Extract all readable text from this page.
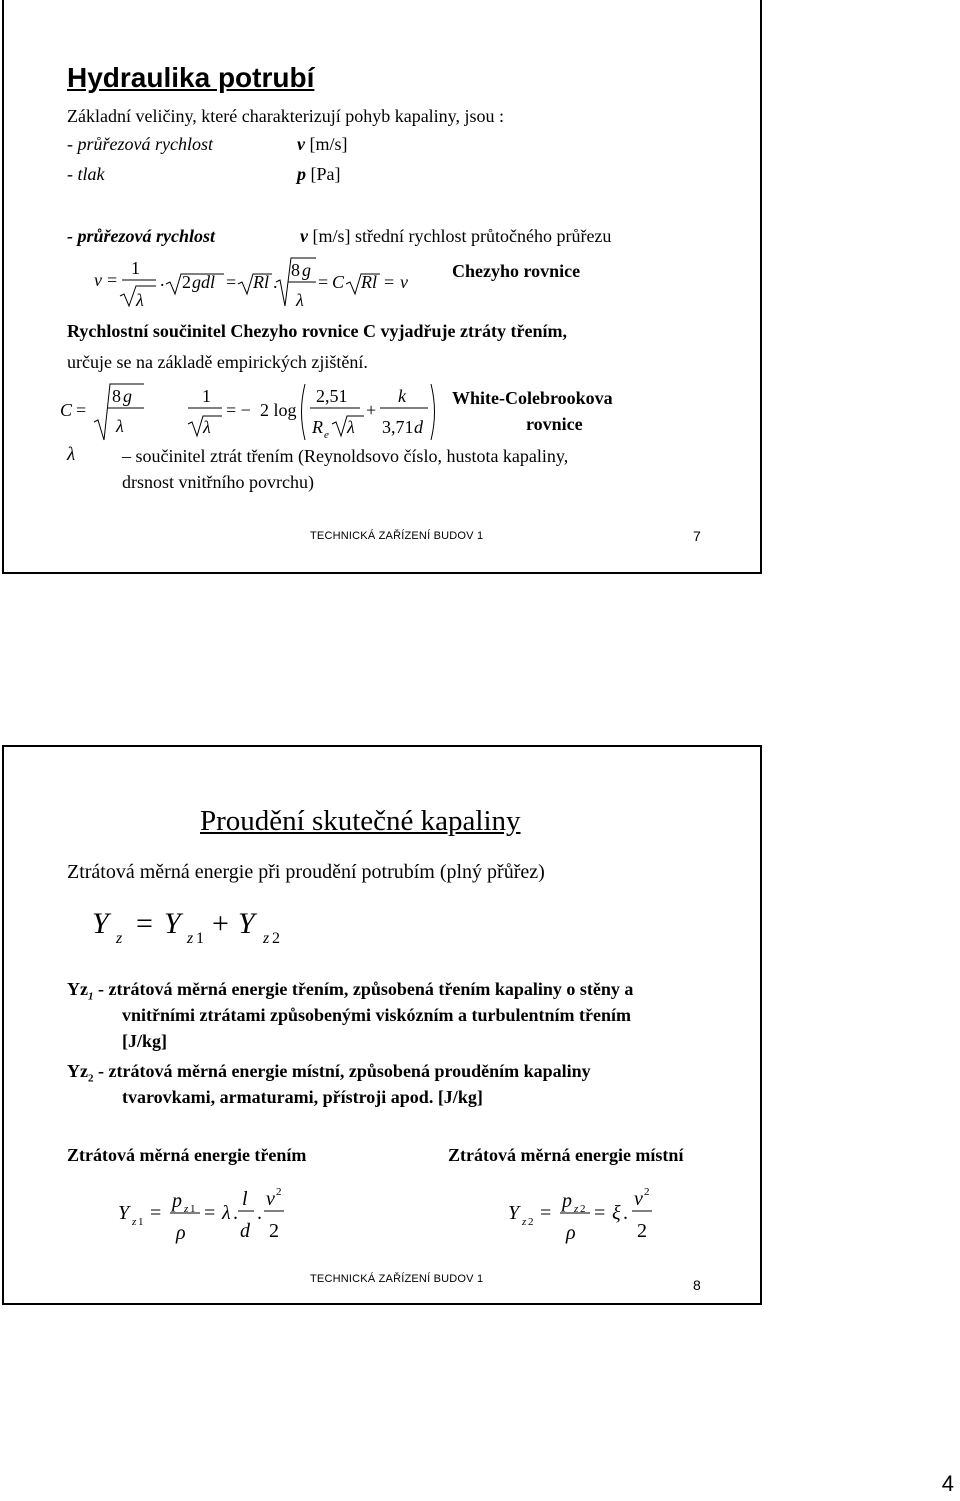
Hydraulika potrubí
Základní veličiny, které charakterizují pohyb kapaliny, jsou :
- průřezová rychlost	v [m/s]
- tlak	p [Pa]
- průřezová rychlost	v [m/s] střední rychlost průtočného průřezu
v =
1
λ
. 2 gdl = Rl .
8 g
λ
= C Rl = v
Chezyho rovnice
Rychlostní součinitel Chezyho rovnice C vyjadřuje ztráty třením,
určuje se na základě empirických zjištění.
C =
8 g
λ
1
λ
= − 2 log
2,51
R e λ
+
k
3,71 d
White-Colebrookova
rovnice
λ	– součinitel ztrát třením (Reynoldsovo číslo, hustota kapaliny,
drsnost vnitřního povrchu)
TECHNICKÁ ZAŘÍZENÍ BUDOV 1	7
Proudění skutečné kapaliny
Ztrátová měrná energie při proudění potrubím (plný přůřez)
Y z = Y z 1 + Y z 2
$Yz_1$ - ztrátová měrná energie třením, způsobená třením kapaliny o stěny a
vnitřními ztrátami způsobenými viskózním a turbulentním třením
[J/kg]
$Yz_2$ - ztrátová měrná energie místní, způsobená prouděním kapaliny
tvarovkami, armaturami, přístroji apod. [J/kg]
Ztrátová měrná energie třením	Ztrátová měrná energie místní
Y z 1 =
p z 1
ρ
= λ .
l
d
.
v 2
2
Y z 2 =
p z 2
ρ
= ξ .
v 2
2
TECHNICKÁ ZAŘÍZENÍ BUDOV 1	8
4
